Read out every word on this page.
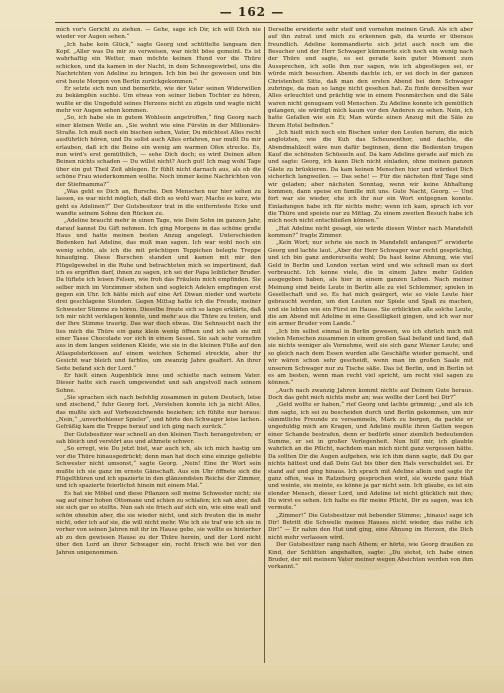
— 162 —

mich vor's Gericht zu ziehen. — Gehe, sage ich Dir, ich will Dich nie wieder vor Augen sehen.“

„Ich habe kein Glück,“ sagte Georg und schüttelte langsam den Kopf. „Aller was Du mir zu verweisen, war nicht böse gemeint. Es ist wahrhaftig ein Wetter, man möchte keinen Hund vor die Thüre schicken, und da kamen in der Nacht, in dem Schneegewirbel, uns die Nachrichten von Adeline zu bringen. Ich bin bei ihr gewesen und bin erst heute Morgen von Berlin zurückgekommen.“

Er setzte sich nun und bemerkte, wie der Vater seinen Widerwillen zu bekämpfen suchte. Um etwas von seiner lieben Tochter zu hören, wußte er die Ungeduld seines Herzens nicht zu zügeln und wagte nicht mehr vor Augen sehen kommen.

„So, ich habe sie in gutem Wohlsein angetroffen,“ fing Georg nach einer kleinen Weile an. „Sie wohnt wie eine Fürstin in der Millionärs-Straße. Ich muß noch ein bischen sehen, Vater, Du möchtest Alles recht ausführlich hören, und Du sollst auch Alles erfahren, nur mußt Du mir erlauben, daß ich die Beine ein wenig am warmen Ofen strecke. Es, nun wird's erst gemüthlich, — sehe Dich doch; es wird Deinen alten Beinen nichts schaden — Du willst nicht? Auch gut! Ich mag wohl Tage über ein gut Theil Zeit ablegen. Er fühlt nicht darnach aus, als ob die schöne Frau wiederkommen wollte. Noch immer keine Nachrichten von der Stiefmamma?“

„Was geht es Dich an, Bursche. Den Menschen nur hier sehen zu lassen, es war nicht möglich, daß dich so wohl war; Mache es kurz, wie geht es Adelinen?“ Der Gutsbesitzer trat in die entfernteste Ecke und wandte seinem Sohne den Rücken zu.

„Adeline braucht mehr in einen Tage, wie Dein Sohn im ganzen Jahr, darauf kannst Du Gift nehmen. Ich ging Morgens in das schöne große Haus und hatte meinen besten Anzug angelegt. Unterschieden Bedenken hat Adeline, das muß man sagen. Ich war wohl noch ein wenig schön, als ich die mit prächtigen Teppichen belegte Treppe hinaufging. Diese Burschen standen und kamen mit mir den Flügelgewebel in die Ruhe und betrachteten mich so impertinent, daß ich es ergriffen darf, ihnen zu sagen, ich sei der Papa leiblicher Bruder. Da lüftete ich leisen Felsen, wie froh das Fräulein mich empfinden. Sie selber mich im Vorzimmer stehen und sogleich Adelen empfingen erst gegen ein Uhr. Ich hätte mich auf eine Art Diwan nieder und wartete drei geschlagene Stunden. Gegen Mittag hatte ich die Freude, meiner Schwester Stimme zu hören. Dieselbe freute sich so lange erklärte, daß ich mir nicht verklagen konnte, und mehr aus die Thüre zu treten, und der Ihre Stimme traurig. Das war doch etwas. Die Sehnsucht nach ihr lies mich die Thüre ein ganz klein wenig öffnen und ich sah sie mit einer Tasse Chocolade vor sich in einem Sessel. Sie sah sehr vornehm aus in dem langen seidenen Kleide, wie sie in die kleinen Füße auf den Atlaspolsterkissen auf einem weichen Schemel streckte, aber ihr Gesicht war bleich und farblos, um zwanzig Jahre gealtert. An ihrer Seite befand sich der Lord.“

Er hielt einen Augenblick inne und schielte nach seinem Vater. Dieser hatte sich rasch umgewendet und sah angstvoll nach seinem Sohne.

„Sie sprachen sich nach befehlig zusammen in gutem Deutsch, leise und zischend,“ fuhr Georg fort. „Verstehen konnte ich ja nicht Alles, das mußte sich auf Vorbezeichnende beziehen; ich fühlte nur heraus: „Nein,“ „unverhohlener Spieler“, und hörte den Schwager leise lachen. Gefräßig kam die Treppe herauf und ich ging nach zurück.“

Der Gutsbesitzer war schnell an den kleinen Tisch herangetreten; er sah bleich und verstört aus und athmete schwer.

„So erregt, wie Du jetzt bist, war auch ich, als ich mich hastig um vor die Thüre hinausgedrückt; denn man hat doch eine einzige geliebte Schwester nicht umsonst,“ sagte Georg. „Nein! Eine ihr Wort sein mußte ich sie ganz im ernste Gänschaft. Aus ein Uhr öffnete sich die Flügelthüren und ich spazierte in den glänzendsten Reiche der Zimmer, und ich spazierte feierlichst hinein mit einem Mal.“

Es hat sie Möbel und diese Pflanzen soll meine Schwester nicht; sie sag auf einer hohen Ottomane und schien zu schlafen; ich sah aber, daß sie sich gar so stellte. Nun sah sie frisch auf sich ein, wie eine wall und schön ohnehin aber, die sie wieder nicht, und sich freuten die in mehr nicht, oder ich auf sie, die will nicht mehr. Wie ich sie traf wie ich sie in vorher von seinen Jahren mit ihr im Hause gebe, sie wollte es hinterher ab zu den gewissen Hause zu der Thüre herein, und der Lord nicht über den Lord an ihrer Schwager ein, recht frisch wie bei vor den Jahren unigenommen.

Derselbe erwiderte sehr steif und vornehm meinen Gruß. Als ich aber auf ihn zutrat und mich zu erkennen gab, da wurde er überaus freundlich. Adeline kommandierte sich jetzt auch noch um die Besucher und der Herr Schwager kümmerte sich noch ein wenig nach der Thüre und sagte, es sei gerade kein guter Moment zum Aussprechen, ich solle ihm nur sagen, wie ich abgestiegen sei, er würde mich besuchen. Abends dachte ich, er sei doch in der ganzen Christenheit Sitte, daß man den ersten Abend bei dem Schwager zubringe, da man so lange nicht gesehen hat. Zu fünfe derselben war Alles erleuchtet und prächtig wie in einem Feenmärchen und die Säle waren nicht genugsam voll Menschen. Zu Adeline konnte ich gemütlich gelangen, sie würdigt mich kaum vor den Anderen zu sehen. Nein, ich hatte Gefallen wie ein Ei; Man würde einen Anzug mit die Säle zu Ihrem Hotel befinden.“

„Ich hielt mich noch ein Bischen unter den Leuten herum, die mich anglotzten, wie die Kuh das Scheunenthor, und dachte, die Abendmahlzeit wäre nun dafür beginnen, denn die Bedienten trugen Kauf die schönsten Schüsseln auf. Da kam Adeline gerade auf mich zu und sagte: Georg, ich kann Dich nicht einladen, ohne meinen ganzen Gäste zu brüskieren. Da kam keinen Menschen hier und würdest Dich sicherlich langweilen. — Das sehe! — Für die nächsten fünf Tage sind wir geladen; aber nächsten Sonntag, wenn wir keine Abhaltung kommen, dann speise en famille mit uns. Gute Nacht, Georg. — Und fort war sie wieder, ehe ich ihr nur ein Wort entgegnen konnte. Einladungen habe ich für nichts mehr; wenn ich kam, sprach ich vor die Thüre und speiste nur zu Mittag. Zu einem zweiten Besuch habe ich mich noch nicht entschließen können.“

„Hat Adeline nicht gesagt, sie würde diesen Winter nach Mandsfelt kommen?“ fragte Zimmer.

„Kein Wort; nur schrie sie noch in Mandsfelt anfangen?“ erwiderte Georg und lachte laut. „Aber der Herr Schwager war recht gesprächig, und ich bin ganz andererseits wohl; Du hast keine Ahnung, wie viel Geld in Berlin und London vertan wird und wie schnell man es dort verbraucht. Ich kenne viele, die in einem Jahre mehr Gulden ausgegeben haben, als hier in einem ganzen Leben. Nach meiner Meinung sind beide Leute in Berlin alle zu viel Schlemmer, spielen in Gesellschaft und so. Es hat mich geärgert, wie so viele Leute hier gebraucht werden, um den Leuten nur Spiele und Spaß zu machen, und sie lebten wie ein Fürst im Hause. Sie erblickten alle solche Leute, die am Abend mit Adeline in eine Geselligkeit gingen, und ich war nur ein armer Bruder vom Lande.“

„Ich bin selbst einmal in Berlin gewesen, wo ich ehrlich mich mit vielen Menschen zusammen in einem großen Saal befand und fand, daß sie nichts weniger als Vornehme, weil sie sich ganz Wiener Leute; und so gleich nach dem Essen wurden alle Geschäfte wieder gemacht, und wir wären schon sehr gescheidt, wenn man im großen Saale mit unserem Schwager nur zu Tische säße. Das ist Berlin, und in Berlin ist es am besten, wenn man recht viel spricht, um recht viel sagen zu können.“

„Auch nach zwanzig Jahren kommt nichts auf Deinem Gute heraus. Doch das geht mich nichts mehr an; was wollte der Lord bei Dir?“

„Geld wollte er haben,“ rief Georg und lachte grimmig; „und als ich ihm sagte, ich sei zu bescheiden durch und Berlin gekommen, um mir sämmtliche Freunde zu versammeln, Mark zu borgen, da packte er ungeduldig mich am Kragen, und Adeline mußte ihren Gatten wegen einer Schande bestrafen, denn er bedürfe einer ziemlich bedeutenden Summe, er sei in großer Verlegenheit. Nun hilf mir, ich glaubte wahrlich an die Pflicht, nachdem man mich nicht ganz vergessen hätte. Da sollten Dir die Augen aufgehen, wie ich ihm dann sagte, daß Du gar nichts hättest und daß Dein Gut bis über den Hals verschuldet sei. Er stand auf und ging hinaus. Ich sprach mit Adeline allein und sagte ihr ganz offen, was in Ratzeburg gesprochen wird, sie wurde ganz blaß und weinte, sie meinte, es könne ja gar nicht sein. Ich glaube, es ist ein elender Mensch, dieser Lord, und Adeline ist nicht glücklich mit ihm; Du wirst es sehen. Ich halte es für meine Pflicht, Dir zu sagen, was ich vermute.“

„Zimmer!“ Die Gutsbesitzer mit bebender Stimme; „hinaus! sage ich Dir! Betritt die Schwelle meines Hauses nicht wieder, das rathe ich Dir!“ — Er nahm den Hut und ging, eine Ahnung im Herzen, die Dich nicht mehr verlassen wird.

Der Gutsbesitzer rang nach Athem; er hörte, wie Georg draußen zu Kind, der Schlitten angehalten, sagte: „Du siehst, ich habe einen Bruder, der mit meinem Vater meiner wegen Absichten werden von ihm verkannt.“
